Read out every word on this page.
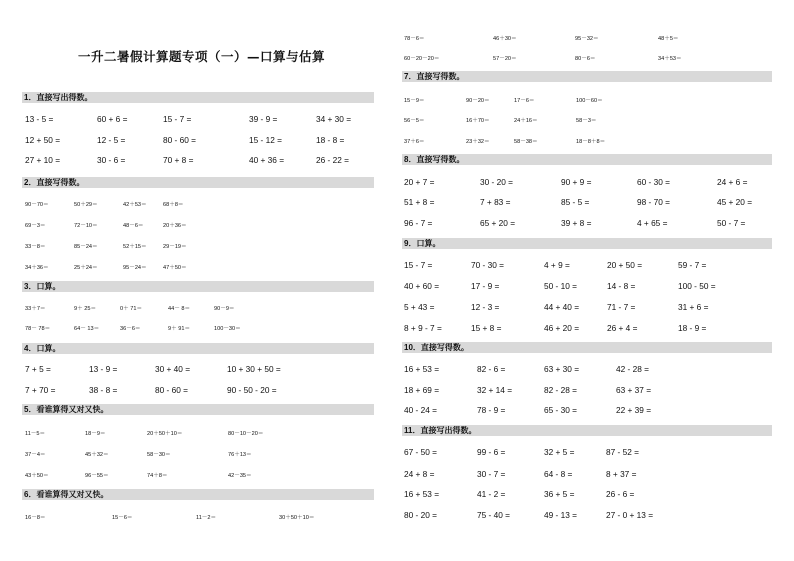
一升二暑假计算题专项（一）—口算与估算
1．直接写出得数。
13 - 5 =	60 + 6 =	15 - 7 =	39 - 9 =	34 + 30 =
12 + 50 =	12 - 5 =	80 - 60 =	15 - 12 =	18 - 8 =
27 + 10 =	30 - 6 =	70 + 8 =	40 + 36 =	26 - 22 =
2．直接写得数。
90－70＝	50＋29＝	42＋53＝	68＋8＝
69－3＝	72－10＝	48－6＝	20＋36＝
33－8＝	85－24＝	52＋15＝	29－19＝
34＋36＝	25＋24＝	95－24＝	47＋50＝
3．口算。
33＋7＝	9＋ 25＝	0＋ 71＝	44－ 8＝	90－9＝
78－ 78＝	64－ 13＝	36－6＝	9＋ 91＝	100－30＝
4．口算。
7 + 5 =	13 - 9 =	30 + 40 =	10 + 30 + 50 =
7 + 70 =	38 - 8 =	80 - 60 =	90 - 50 - 20 =
5．看谁算得又对又快。
11－5＝	18－9＝	20＋50＋10＝	80－10－20＝
37－4＝	45＋32＝	58－30＝	76＋13＝
43＋50＝	96－55＝	74＋8＝	42－35＝
6．看谁算得又对又快。
16－8＝	15－6＝	11－2＝	30＋50＋10＝
78－6＝	46＋30＝	95－32＝	48＋5＝
60－20－20＝	57－20＝	80－6＝	34＋53＝
7．直接写得数。
15－9＝	90－20＝	17－6＝	100－60＝
56－5＝	16＋70＝	24＋16＝	58－3＝
37＋6＝	23＋32＝	58－38＝	18－8＋8＝
8．直接写得数。
20 + 7 =	30 - 20 =	90 + 9 =	60 - 30 =	24 + 6 =
51 + 8 =	7 + 83 =	85 - 5 =	98 - 70 =	45 + 20 =
96 - 7 =	65 + 20 =	39 + 8 =	4 + 65 =	50 - 7 =
9．口算。
15 - 7 =	70 - 30 =	4 + 9 =	20 + 50 =	59 - 7 =
40 + 60 =	17 - 9 =	50 - 10 =	14 - 8 =	100 - 50 =
5 + 43 =	12 - 3 =	44 + 40 =	71 - 7 =	31 + 6 =
8 + 9 - 7 =	15 + 8 =	46 + 20 =	26 + 4 =	18 - 9 =
10．直接写得数。
16 + 53 =	82 - 6 =	63 + 30 =	42 - 28 =
18 + 69 =	32 + 14 =	82 - 28 =	63 + 37 =
40 - 24 =	78 - 9 =	65 - 30 =	22 + 39 =
11．直接写出得数。
67 - 50 =	99 - 6 =	32 + 5 =	87 - 52 =
24 + 8 =	30 - 7 =	64 - 8 =	8 + 37 =
16 + 53 =	41 - 2 =	36 + 5 =	26 - 6 =
80 - 20 =	75 - 40 =	49 - 13 =	27 - 0 + 13 =
